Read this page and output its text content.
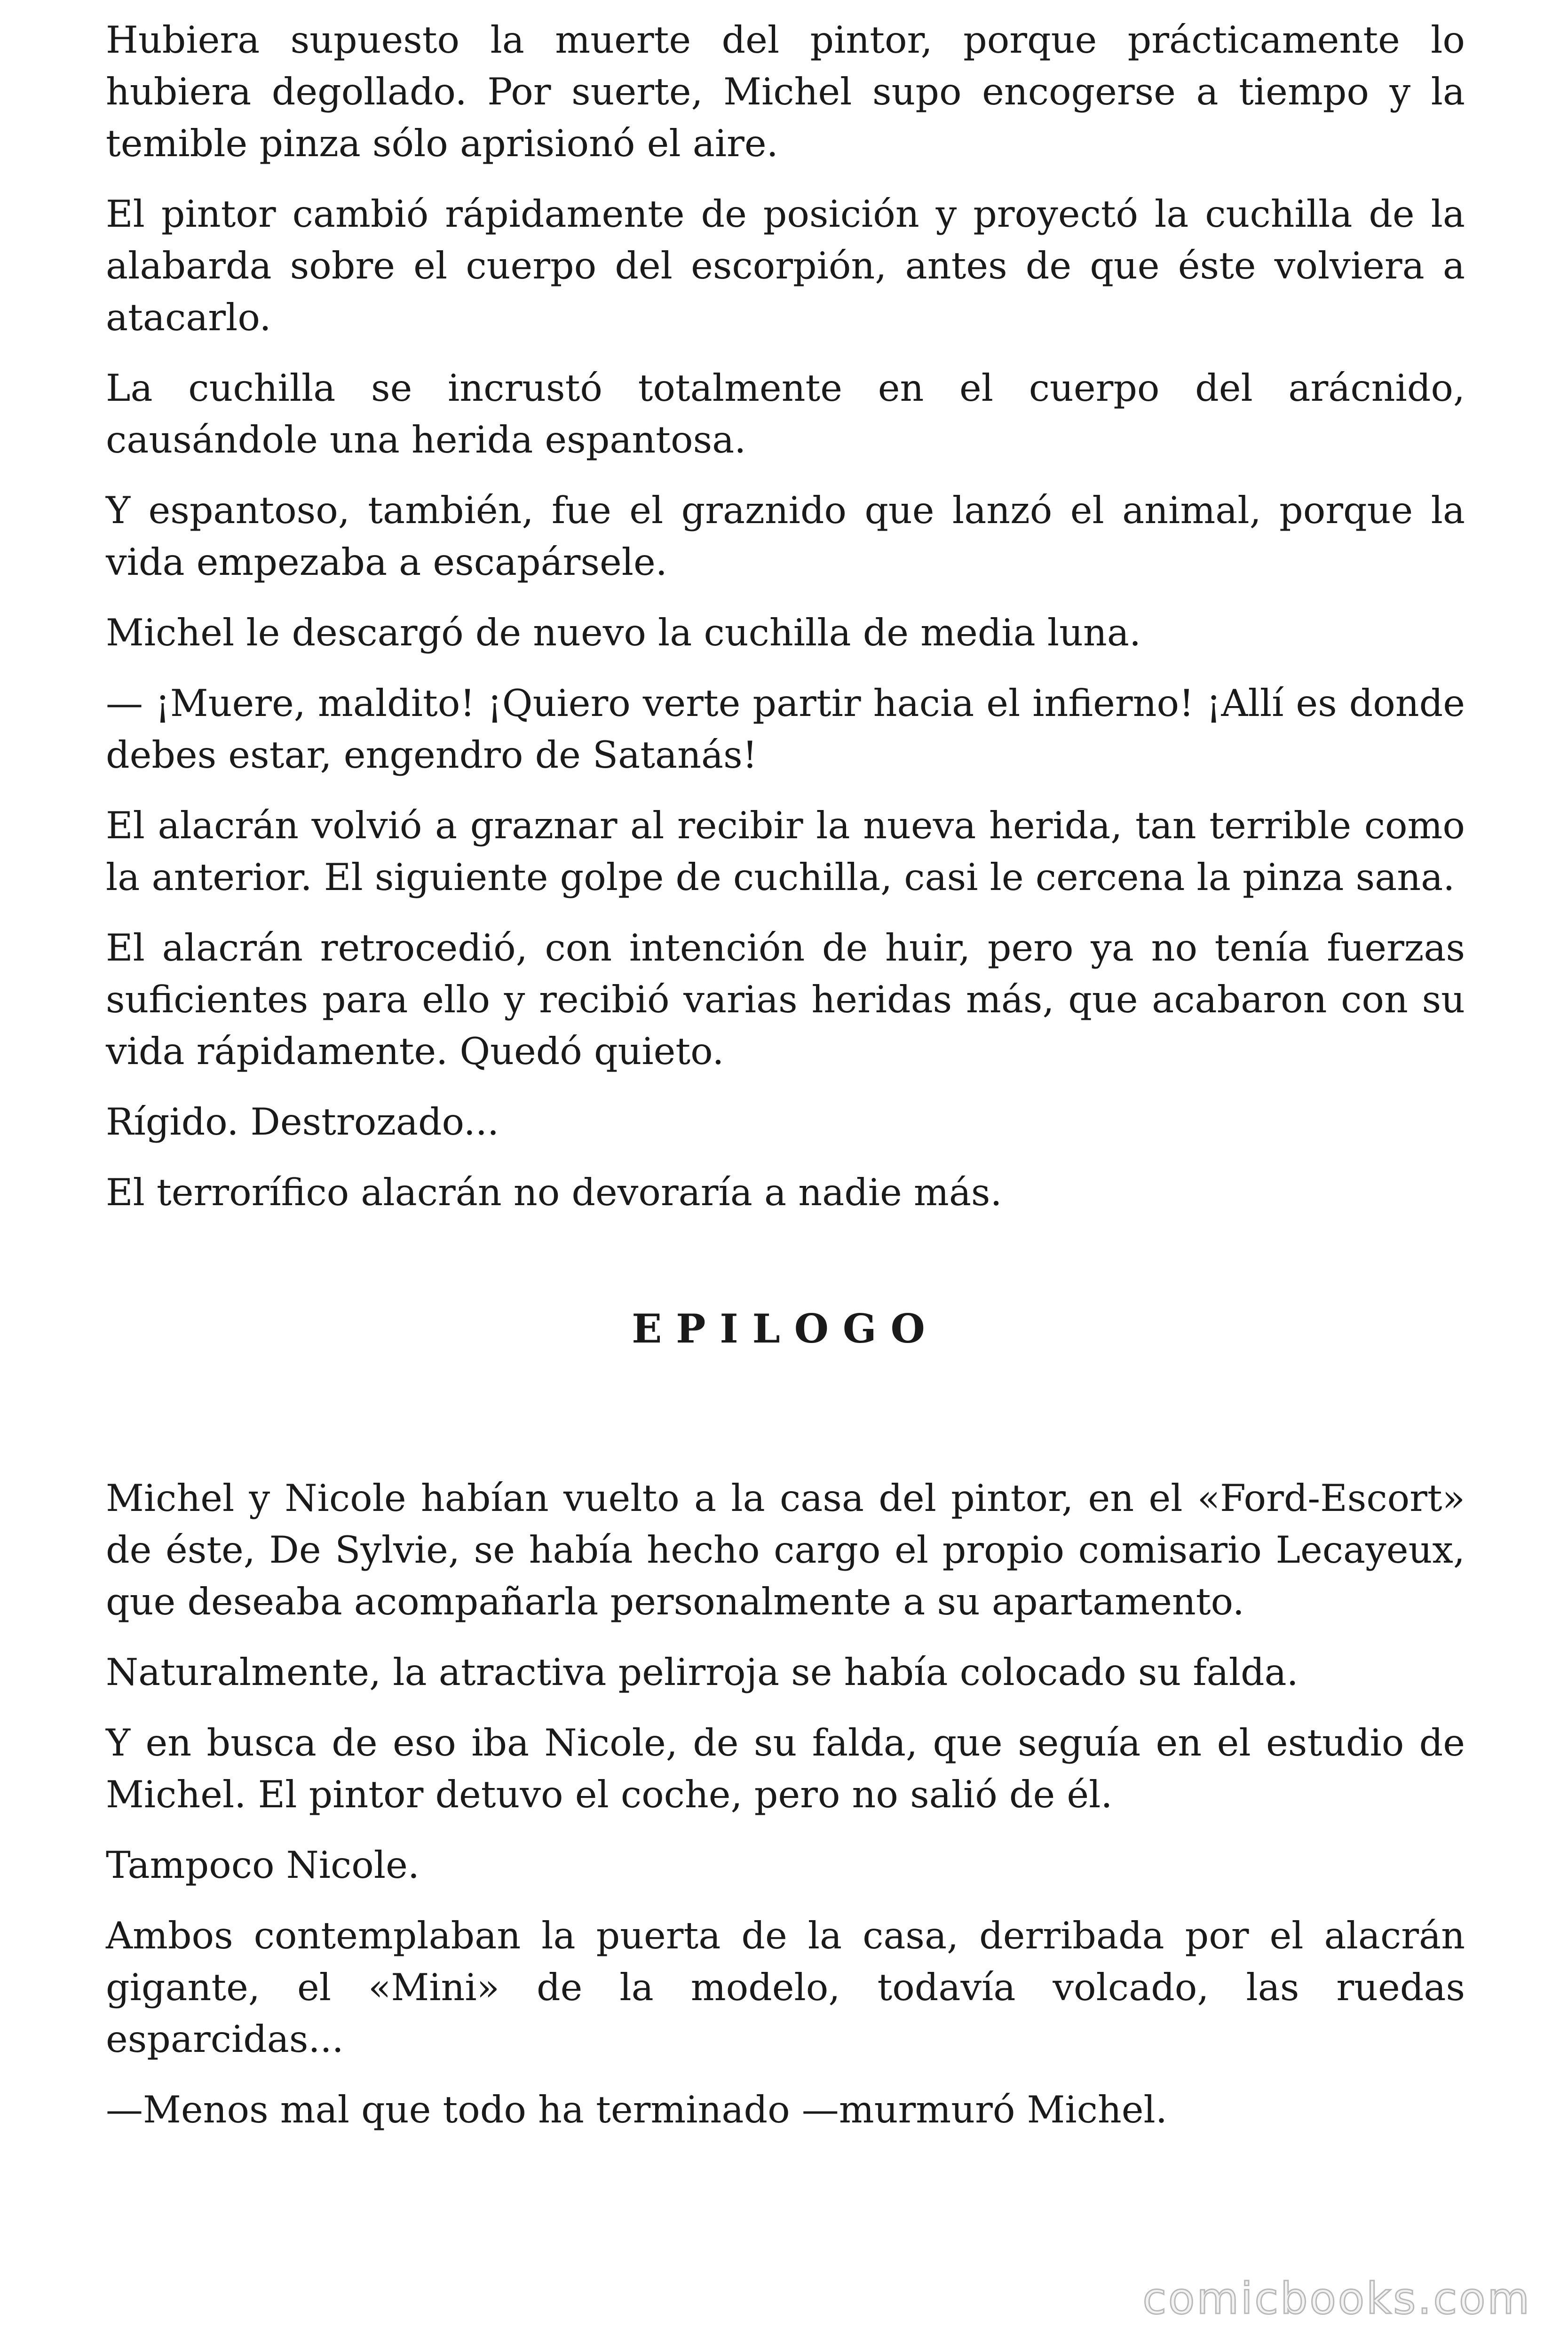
Hubiera supuesto la muerte del pintor, porque prácticamente lo hubiera degollado. Por suerte, Michel supo encogerse a tiempo y la temible pinza sólo aprisionó el aire.

El pintor cambió rápidamente de posición y proyectó la cuchilla de la alabarda sobre el cuerpo del escorpión, antes de que éste volviera a atacarlo.

La cuchilla se incrustó totalmente en el cuerpo del arácnido, causándole una herida espantosa.

Y espantoso, también, fue el graznido que lanzó el animal, porque la vida empezaba a escapársele.

Michel le descargó de nuevo la cuchilla de media luna.

— ¡Muere, maldito! ¡Quiero verte partir hacia el infierno! ¡Allí es donde debes estar, engendro de Satanás!

El alacrán volvió a graznar al recibir la nueva herida, tan terrible como la anterior. El siguiente golpe de cuchilla, casi le cercena la pinza sana.

El alacrán retrocedió, con intención de huir, pero ya no tenía fuerzas suficientes para ello y recibió varias heridas más, que acabaron con su vida rápidamente. Quedó quieto.

Rígido. Destrozado...

El terrorífico alacrán no devoraría a nadie más.

EPILOGO

Michel y Nicole habían vuelto a la casa del pintor, en el «Ford-Escort» de éste, De Sylvie, se había hecho cargo el propio comisario Lecayeux, que deseaba acompañarla personalmente a su apartamento.

Naturalmente, la atractiva pelirroja se había colocado su falda.

Y en busca de eso iba Nicole, de su falda, que seguía en el estudio de Michel. El pintor detuvo el coche, pero no salió de él.

Tampoco Nicole.

Ambos contemplaban la puerta de la casa, derribada por el alacrán gigante, el «Mini» de la modelo, todavía volcado, las ruedas esparcidas...

—Menos mal que todo ha terminado —murmuró Michel.

comicbooks.com
